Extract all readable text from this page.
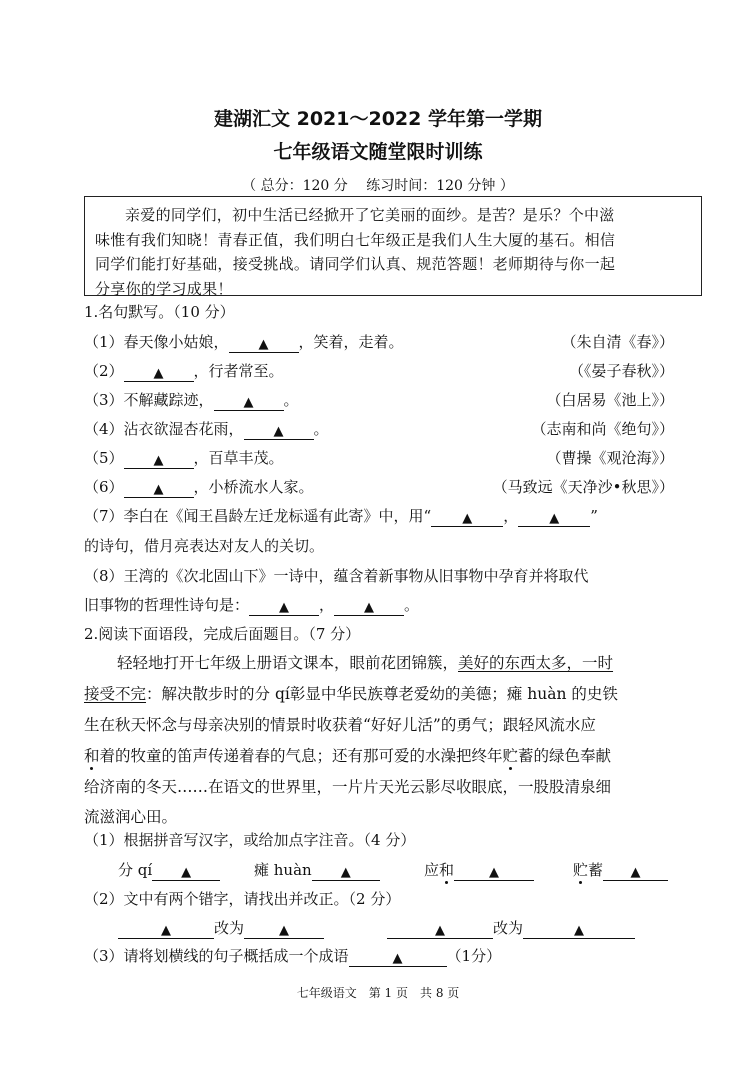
建湖汇文 2021～2022 学年第一学期
七年级语文随堂限时训练
（ 总分：120 分　 练习时间：120 分钟 ）

亲爱的同学们，初中生活已经掀开了它美丽的面纱。是苦？是乐？个中滋

味惟有我们知晓！青春正值，我们明白七年级正是我们人生大厦的基石。相信

同学们能打好基础，接受挑战。请同学们认真、规范答题！老师期待与你一起

分享你的学习成果！

1.名句默写。（10 分）
（1）春天像小姑娘， ▲ ，笑着，走着。	（朱自清《春》）
（2） ▲ ，行者常至。	（《晏子春秋》）
（3）不解藏踪迹， ▲ 。	（白居易《池上》）
（4）沾衣欲湿杏花雨， ▲ 。	（志南和尚《绝句》）
（5） ▲ ，百草丰茂。	（曹操《观沧海》）
（6） ▲ ，小桥流水人家。	（马致远《天净沙•秋思》）
（7）李白在《闻王昌龄左迁龙标遥有此寄》中，用“ ▲ ， ▲ ”
的诗句，借月亮表达对友人的关切。
（8）王湾的《次北固山下》一诗中，蕴含着新事物从旧事物中孕育并将取代
旧事物的哲理性诗句是： ▲ ， ▲ 。
2.阅读下面语段，完成后面题目。（7 分）
轻轻地打开七年级上册语文课本，眼前花团锦簇，美好的东西太多，一时
接受不完：解决散步时的分 qí彰显中华民族尊老爱幼的美德；瘫 huàn 的史铁
生在秋天怀念与母亲决别的情景时收获着“好好儿活”的勇气；跟轻风流水应
和着的牧童的笛声传递着春的气息；还有那可爱的水澡把终年贮蓄的绿色奉献
给济南的冬天……在语文的世界里，一片片天光云影尽收眼底，一股股清泉细
流滋润心田。
（1）根据拼音写汉字，或给加点字注音。（4 分）
分 qí ▲	瘫 huàn ▲	应和	▲	贮蓄 ▲
（2）文中有两个错字，请找出并改正。（2 分）
▲	改为	▲	▲	改为	▲
（3）请将划横线的句子概括成一个成语	▲	（1分）
七年级语文　第 1 页　共 8 页
